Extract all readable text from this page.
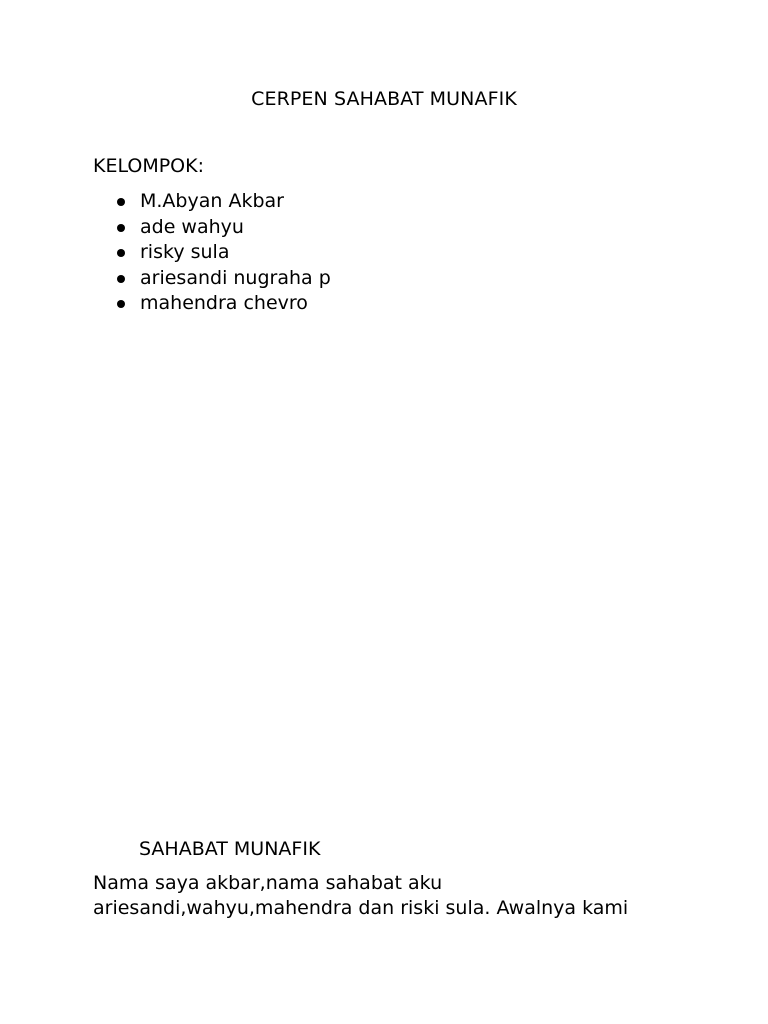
CERPEN SAHABAT MUNAFIK
KELOMPOK:
M.Abyan Akbar
ade wahyu
risky sula
ariesandi nugraha p
mahendra chevro
SAHABAT MUNAFIK

Nama saya akbar,nama sahabat aku
ariesandi,wahyu,mahendra dan riski sula. Awalnya kami
